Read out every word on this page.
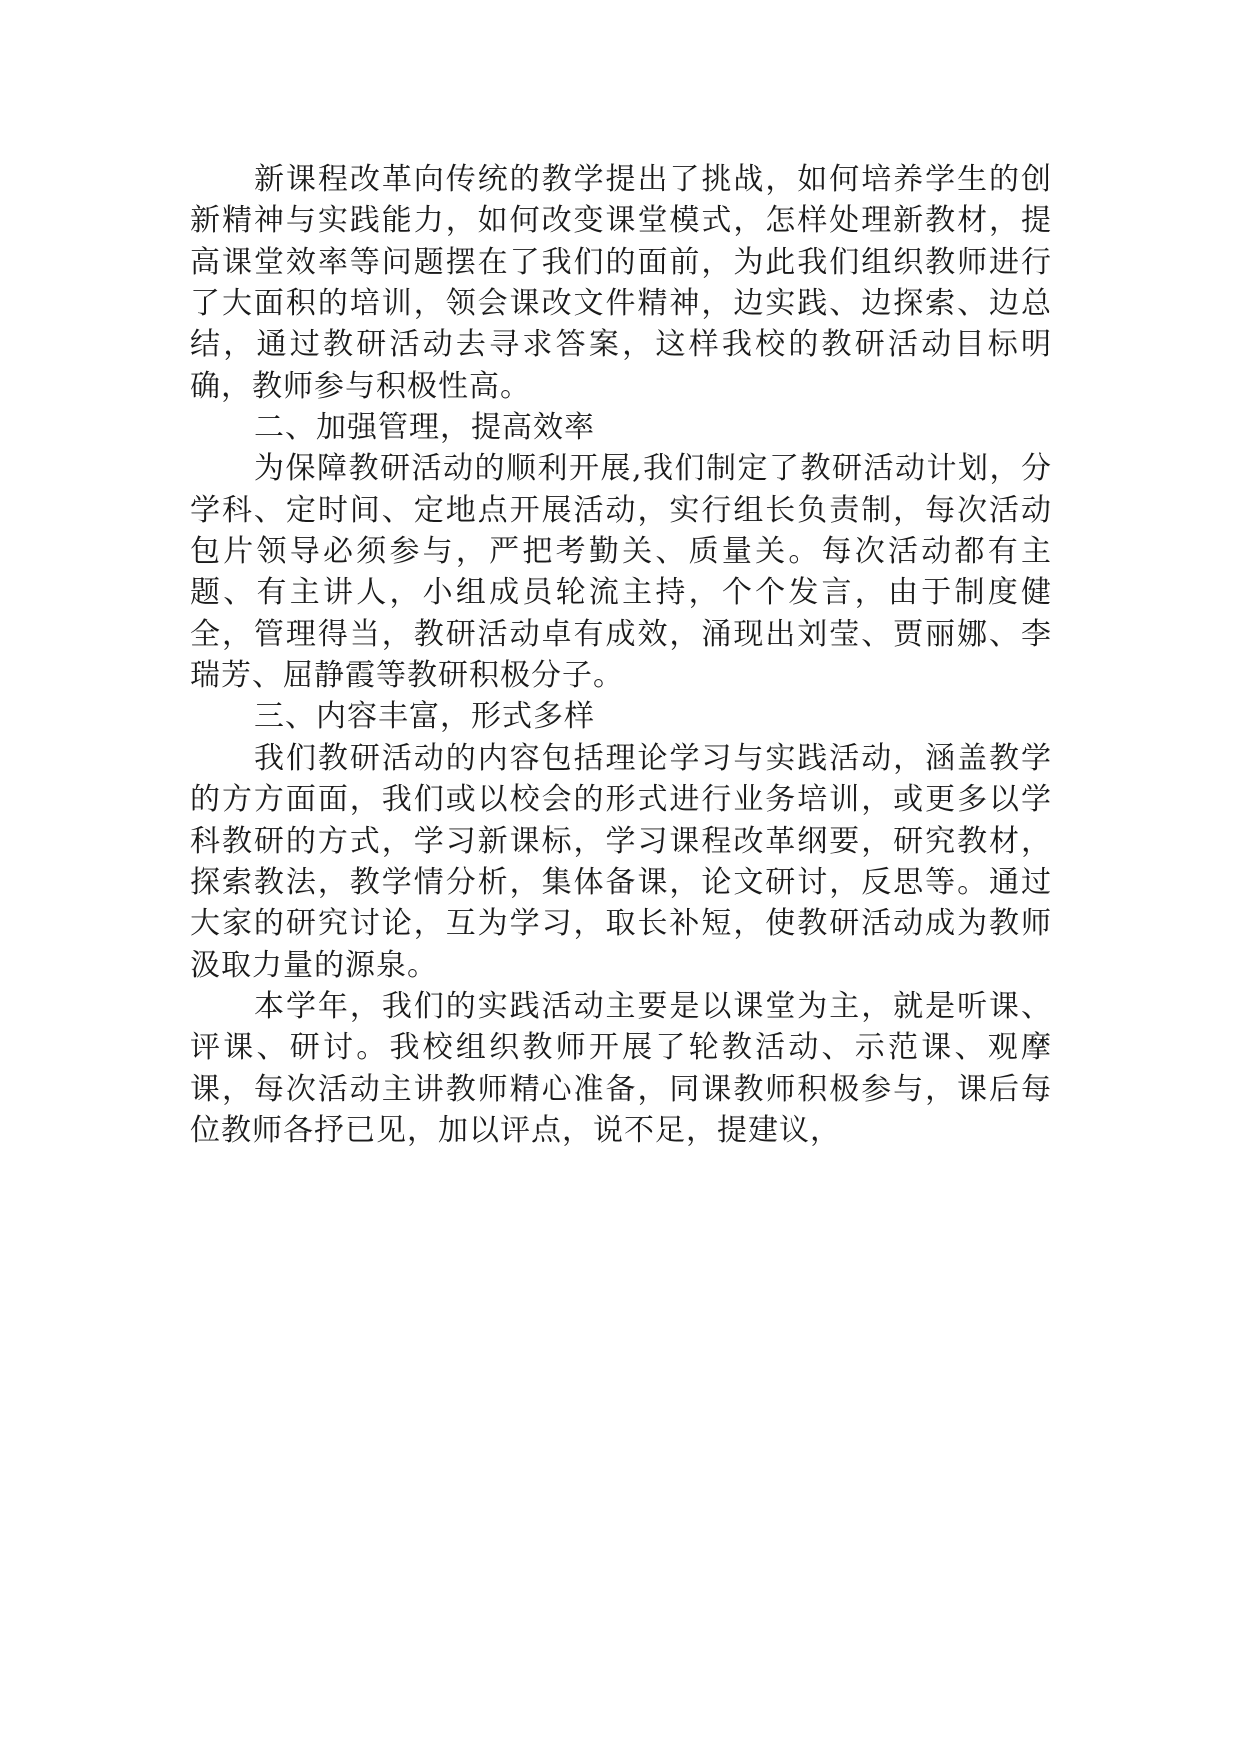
新课程改革向传统的教学提出了挑战，如何培养学生的创新精神与实践能力，如何改变课堂模式，怎样处理新教材，提高课堂效率等问题摆在了我们的面前，为此我们组织教师进行了大面积的培训，领会课改文件精神，边实践、边探索、边总结，通过教研活动去寻求答案，这样我校的教研活动目标明确，教师参与积极性高。

二、加强管理，提高效率

为保障教研活动的顺利开展,我们制定了教研活动计划，分学科、定时间、定地点开展活动，实行组长负责制，每次活动包片领导必须参与，严把考勤关、质量关。每次活动都有主题、有主讲人，小组成员轮流主持，个个发言，由于制度健全，管理得当，教研活动卓有成效，涌现出刘莹、贾丽娜、李瑞芳、屈静霞等教研积极分子。

三、内容丰富，形式多样

我们教研活动的内容包括理论学习与实践活动，涵盖教学的方方面面，我们或以校会的形式进行业务培训，或更多以学科教研的方式，学习新课标，学习课程改革纲要，研究教材，探索教法，教学情分析，集体备课，论文研讨，反思等。通过大家的研究讨论，互为学习，取长补短，使教研活动成为教师汲取力量的源泉。

本学年，我们的实践活动主要是以课堂为主，就是听课、评课、研讨。我校组织教师开展了轮教活动、示范课、观摩课，每次活动主讲教师精心准备，同课教师积极参与，课后每位教师各抒已见，加以评点，说不足，提建议，
